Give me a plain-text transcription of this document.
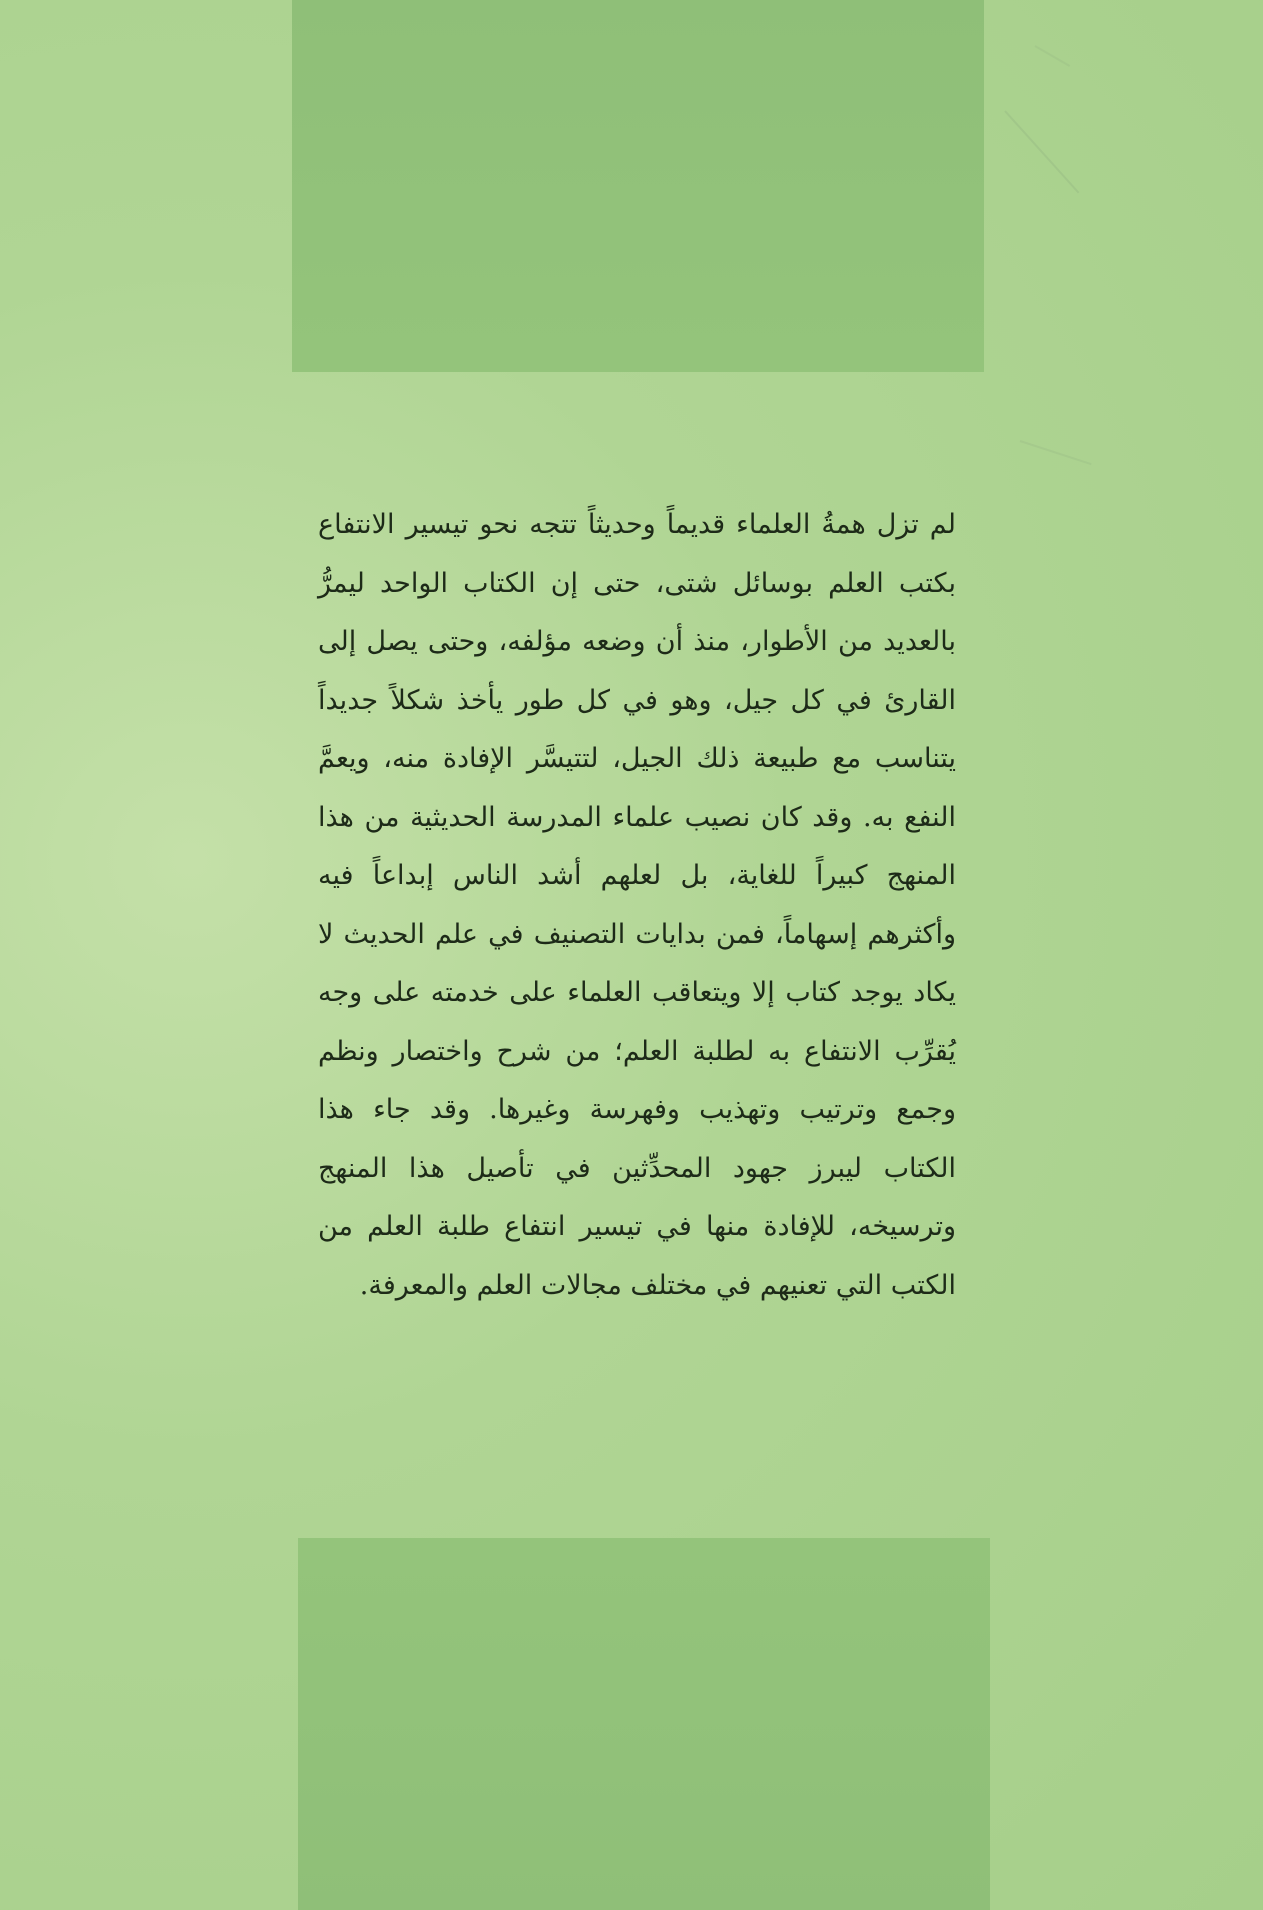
لم تزل همةُ العلماء قديماً وحديثاً تتجه نحو تيسير الانتفاع بكتب العلم بوسائل شتى، حتى إن الكتاب الواحد ليمرُّ بالعديد من الأطوار، منذ أن وضعه مؤلفه، وحتى يصل إلى القارئ في كل جيل، وهو في كل طور يأخذ شكلاً جديداً يتناسب مع طبيعة ذلك الجيل، لتتيسَّر الإفادة منه، ويعمَّ النفع به. وقد كان نصيب علماء المدرسة الحديثية من هذا المنهج كبيراً للغاية، بل لعلهم أشد الناس إبداعاً فيه وأكثرهم إسهاماً، فمن بدايات التصنيف في علم الحديث لا يكاد يوجد كتاب إلا ويتعاقب العلماء على خدمته على وجه يُقرِّب الانتفاع به لطلبة العلم؛ من شرح واختصار ونظم وجمع وترتيب وتهذيب وفهرسة وغيرها. وقد جاء هذا الكتاب ليبرز جهود المحدِّثين في تأصيل هذا المنهج وترسيخه، للإفادة منها في تيسير انتفاع طلبة العلم من الكتب التي تعنيهم في مختلف مجالات العلم والمعرفة.
